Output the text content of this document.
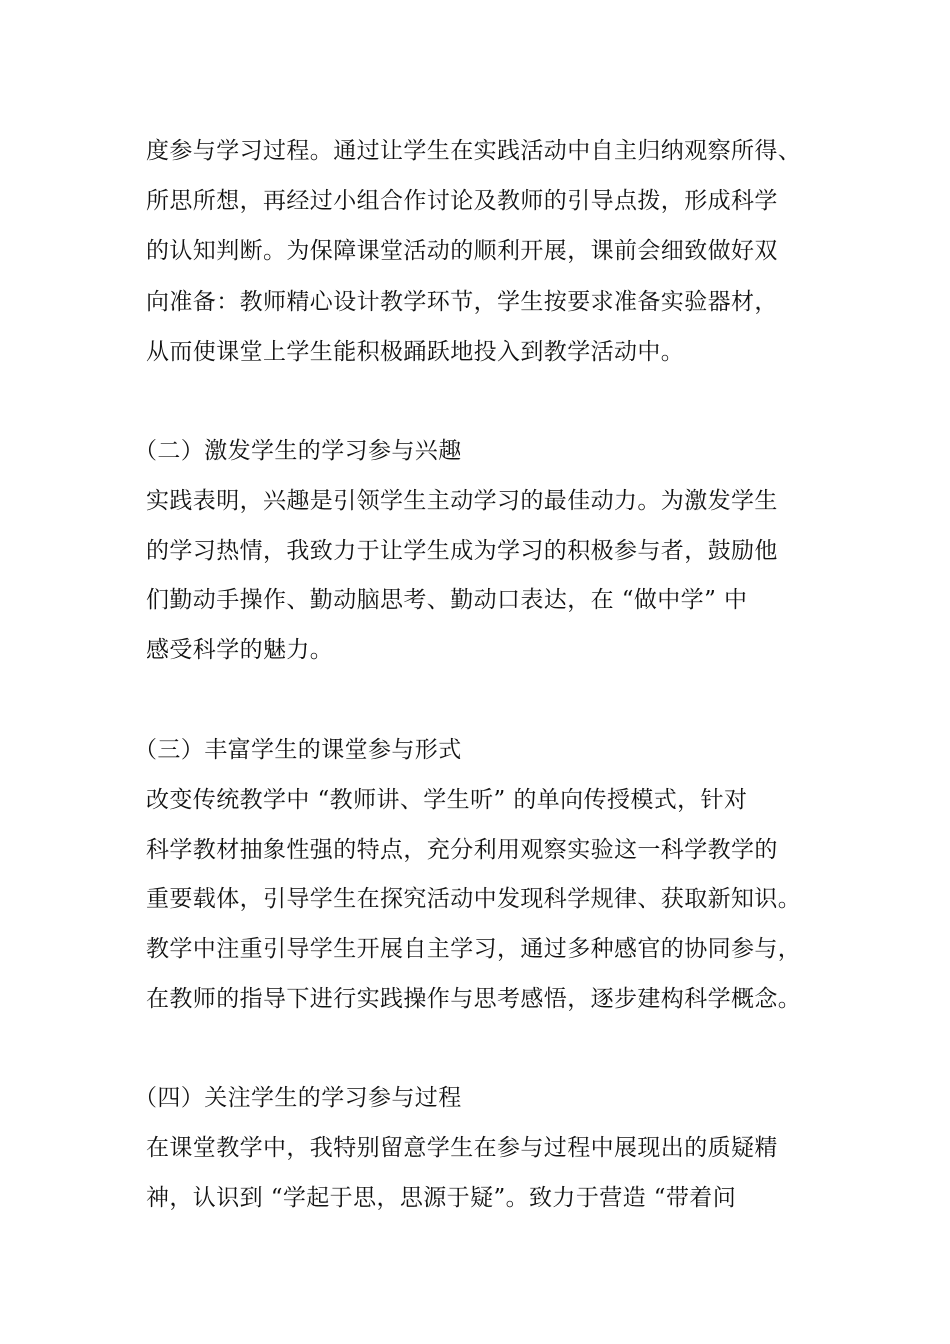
度参与学习过程。通过让学生在实践活动中自主归纳观察所得、
所思所想，再经过小组合作讨论及教师的引导点拨，形成科学
的认知判断。为保障课堂活动的顺利开展，课前会细致做好双
向准备：教师精心设计教学环节，学生按要求准备实验器材，
从而使课堂上学生能积极踊跃地投入到教学活动中。
（二）激发学生的学习参与兴趣
实践表明，兴趣是引领学生主动学习的最佳动力。为激发学生
的学习热情，我致力于让学生成为学习的积极参与者，鼓励他
们勤动手操作、勤动脑思考、勤动口表达，在 “做中学” 中
感受科学的魅力。
（三）丰富学生的课堂参与形式
改变传统教学中 “教师讲、学生听” 的单向传授模式，针对
科学教材抽象性强的特点，充分利用观察实验这一科学教学的
重要载体，引导学生在探究活动中发现科学规律、获取新知识。
教学中注重引导学生开展自主学习，通过多种感官的协同参与，
在教师的指导下进行实践操作与思考感悟，逐步建构科学概念。
（四）关注学生的学习参与过程
在课堂教学中，我特别留意学生在参与过程中展现出的质疑精
神，认识到 “学起于思，思源于疑”。致力于营造 “带着问
